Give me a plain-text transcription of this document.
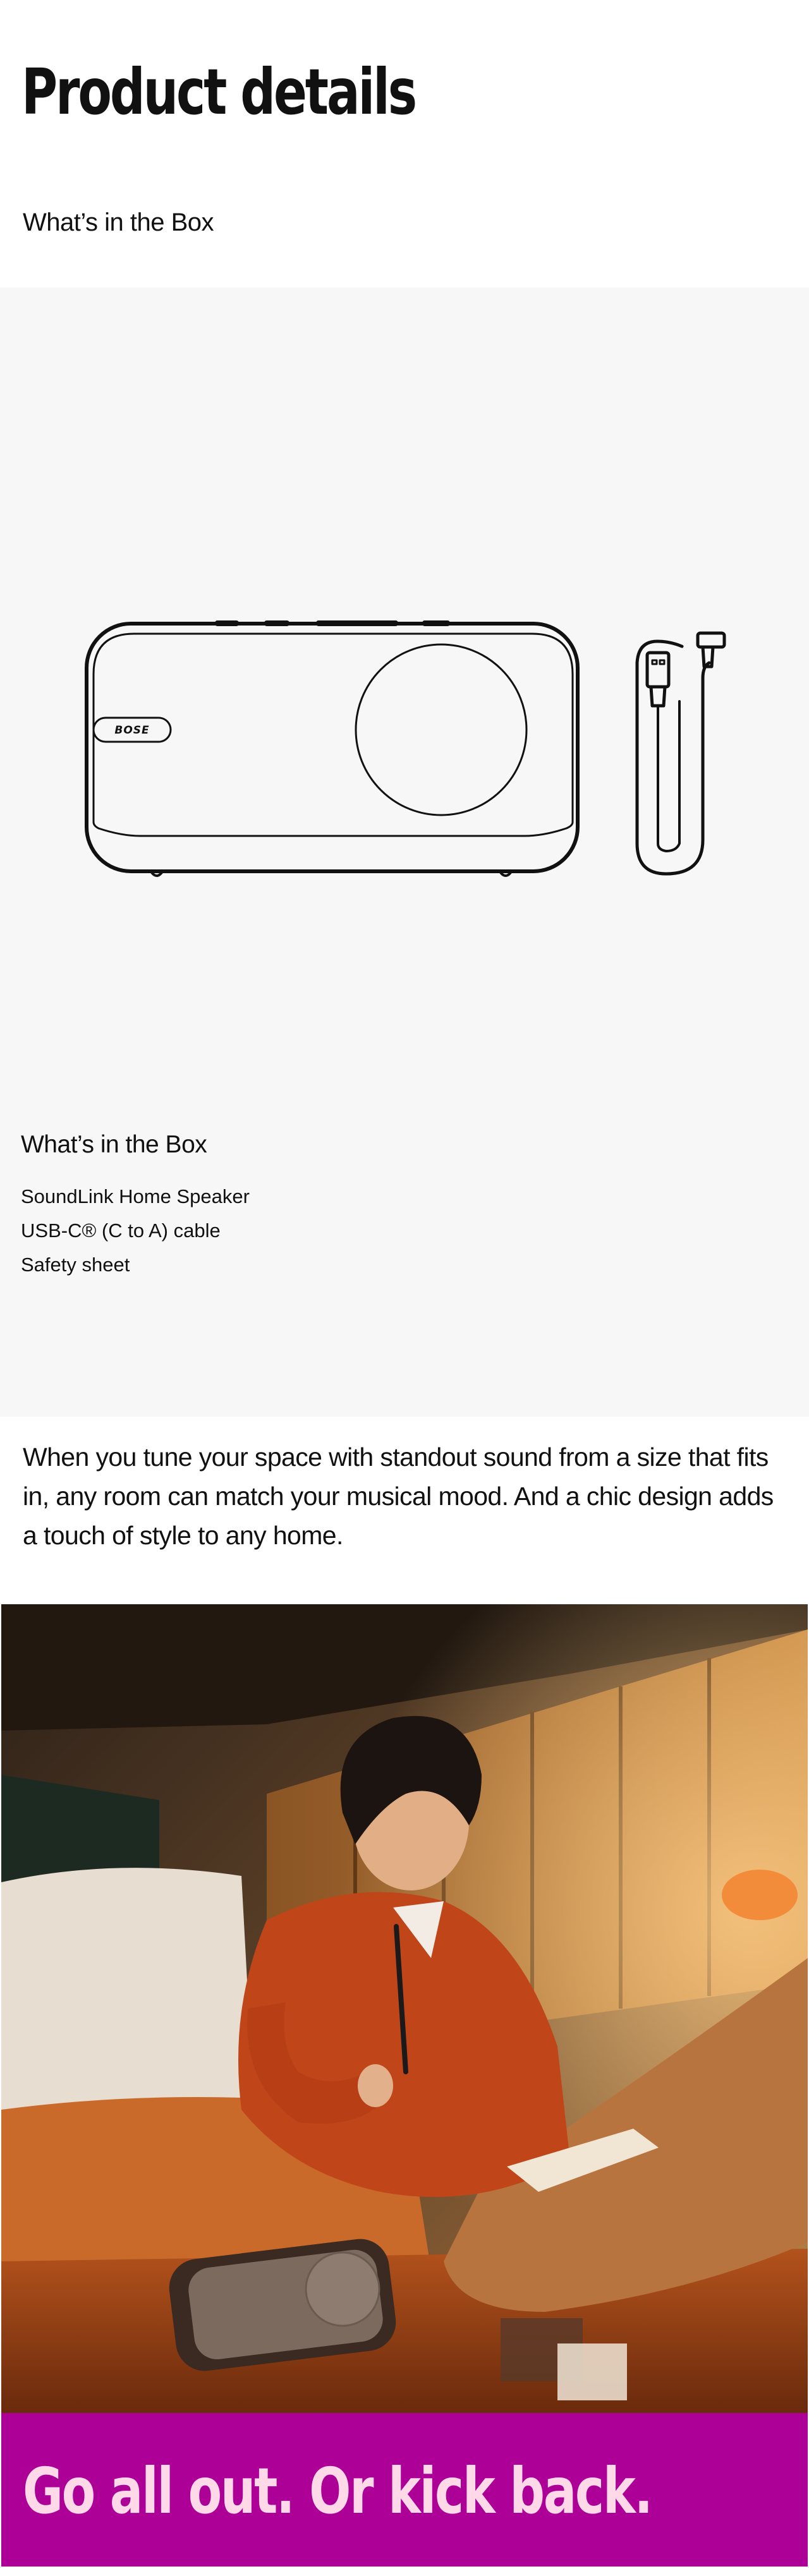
Product details
What’s in the Box
BOSE
What’s in the Box
SoundLink Home Speaker
USB-C® (C to A) cable
Safety sheet

When you tune your space with standout sound from a size that fits in, any room can match your musical mood. And a chic design adds a touch of style to any home.

Go all out. Or kick back.
